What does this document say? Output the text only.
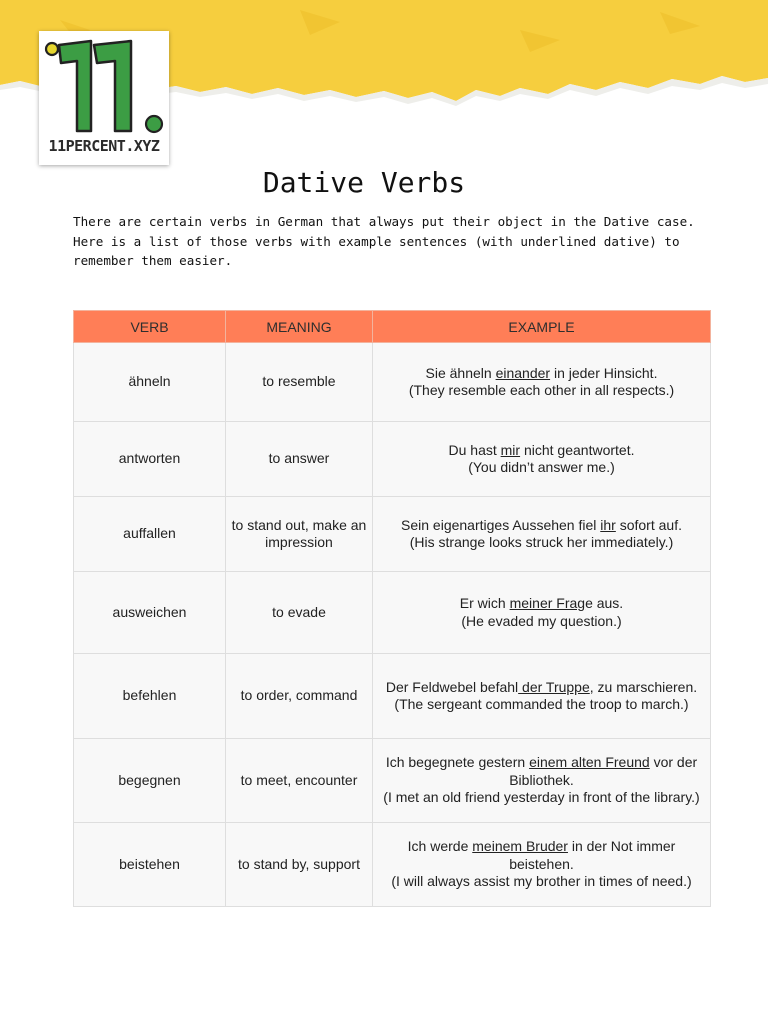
11PERCENT.XYZ
Dative Verbs

There are certain verbs in German that always put their object in the Dative case.
Here is a list of those verbs with example sentences (with underlined dative) to
remember them easier.

VERB	MEANING	EXAMPLE
ähneln	to resemble	Sie ähneln einander in jeder Hinsicht.
(They resemble each other in all respects.)
antworten	to answer	Du hast mir nicht geantwortet.
(You didn’t answer me.)
auffallen	to stand out, make an impression	Sein eigenartiges Aussehen fiel ihr sofort auf.
(His strange looks struck her immediately.)
ausweichen	to evade	Er wich meiner Frage aus.
(He evaded my question.)
befehlen	to order, command	Der Feldwebel befahl der Truppe, zu marschieren.
(The sergeant commanded the troop to march.)
begegnen	to meet, encounter	Ich begegnete gestern einem alten Freund vor der Bibliothek.
(I met an old friend yesterday in front of the library.)
beistehen	to stand by, support	Ich werde meinem Bruder in der Not immer beistehen.
(I will always assist my brother in times of need.)
